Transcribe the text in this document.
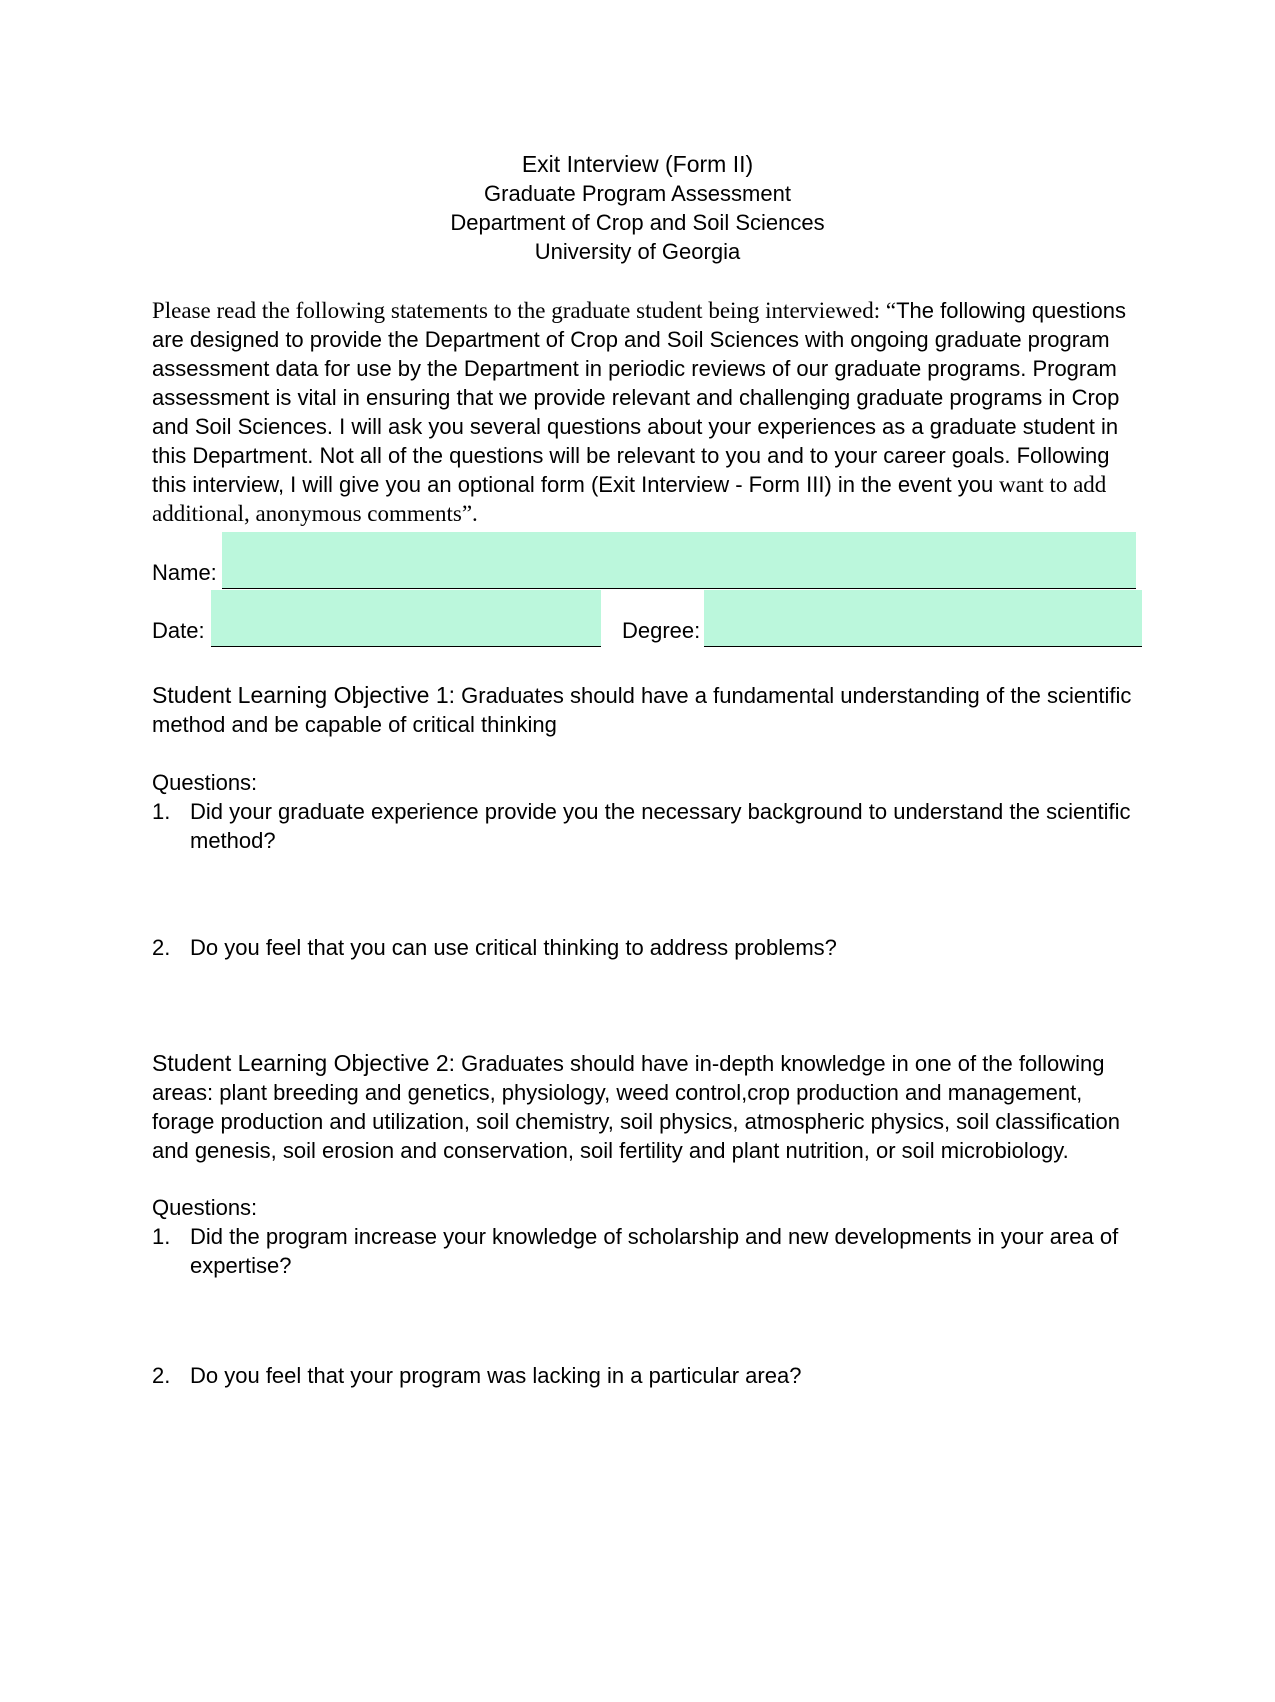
Exit Interview (Form II)
Graduate Program Assessment
Department of Crop and Soil Sciences
University of Georgia
Please read the following statements to the graduate student being interviewed: “The following questions are designed to provide the Department of Crop and Soil Sciences with ongoing graduate program assessment data for use by the Department in periodic reviews of our graduate programs. Program assessment is vital in ensuring that we provide relevant and challenging graduate programs in Crop and Soil Sciences. I will ask you several questions about your experiences as a graduate student in this Department. Not all of the questions will be relevant to you and to your career goals. Following this interview, I will give you an optional form (Exit Interview - Form III) in the event you want to add additional, anonymous comments”.
Name:
Date:	Degree:
Student Learning Objective 1: Graduates should have a fundamental understanding of the scientific method and be capable of critical thinking
Questions:
1. Did your graduate experience provide you the necessary background to understand the scientific method?
2. Do you feel that you can use critical thinking to address problems?
Student Learning Objective 2: Graduates should have in-depth knowledge in one of the following areas: plant breeding and genetics, physiology, weed control,crop production and management, forage production and utilization, soil chemistry, soil physics, atmospheric physics, soil classification and genesis, soil erosion and conservation, soil fertility and plant nutrition, or soil microbiology.
Questions:
1. Did the program increase your knowledge of scholarship and new developments in your area of expertise?
2. Do you feel that your program was lacking in a particular area?
